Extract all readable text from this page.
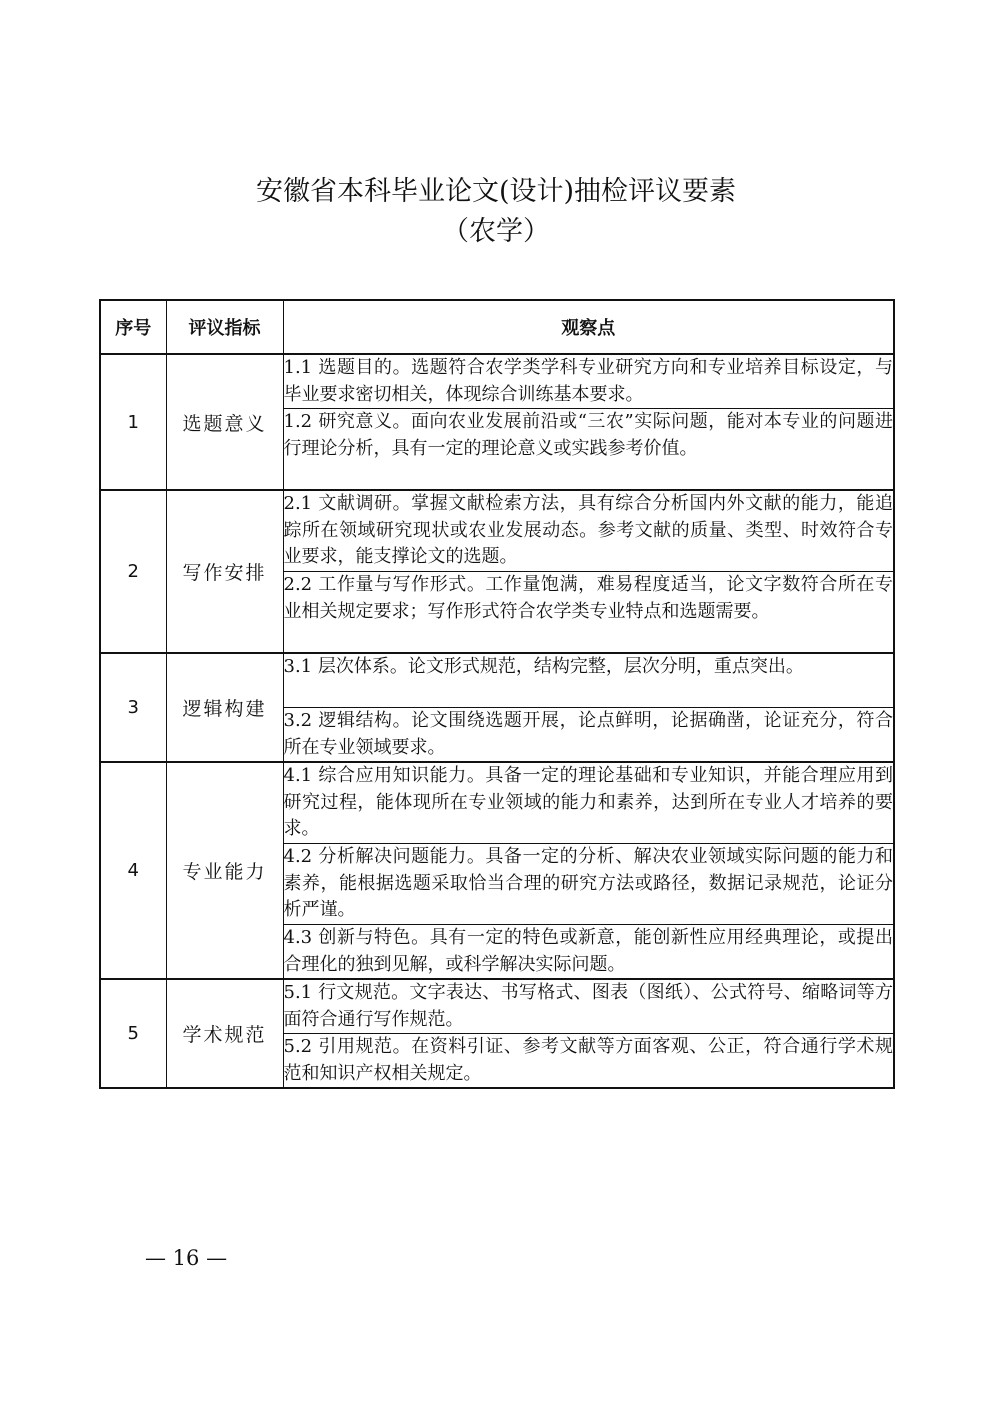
安徽省本科毕业论文(设计)抽检评议要素
（农学）
序号	评议指标	观察点
1	选题意义	1.1 选题目的。选题符合农学类学科专业研究方向和专业培养目标设定，与毕业要求密切相关，体现综合训练基本要求。
		1.2 研究意义。面向农业发展前沿或“三农”实际问题，能对本专业的问题进行理论分析，具有一定的理论意义或实践参考价值。
2	写作安排	2.1 文献调研。掌握文献检索方法，具有综合分析国内外文献的能力，能追踪所在领域研究现状或农业发展动态。参考文献的质量、类型、时效符合专业要求，能支撑论文的选题。
		2.2 工作量与写作形式。工作量饱满，难易程度适当，论文字数符合所在专业相关规定要求；写作形式符合农学类专业特点和选题需要。
3	逻辑构建	3.1 层次体系。论文形式规范，结构完整，层次分明，重点突出。
		3.2 逻辑结构。论文围绕选题开展，论点鲜明，论据确凿，论证充分，符合所在专业领域要求。
4	专业能力	4.1 综合应用知识能力。具备一定的理论基础和专业知识，并能合理应用到研究过程，能体现所在专业领域的能力和素养，达到所在专业人才培养的要求。
		4.2 分析解决问题能力。具备一定的分析、解决农业领域实际问题的能力和素养，能根据选题采取恰当合理的研究方法或路径，数据记录规范，论证分析严谨。
		4.3 创新与特色。具有一定的特色或新意，能创新性应用经典理论，或提出合理化的独到见解，或科学解决实际问题。
5	学术规范	5.1 行文规范。文字表达、书写格式、图表（图纸）、公式符号、缩略词等方面符合通行写作规范。
		5.2 引用规范。在资料引证、参考文献等方面客观、公正，符合通行学术规范和知识产权相关规定。
— 16 —
